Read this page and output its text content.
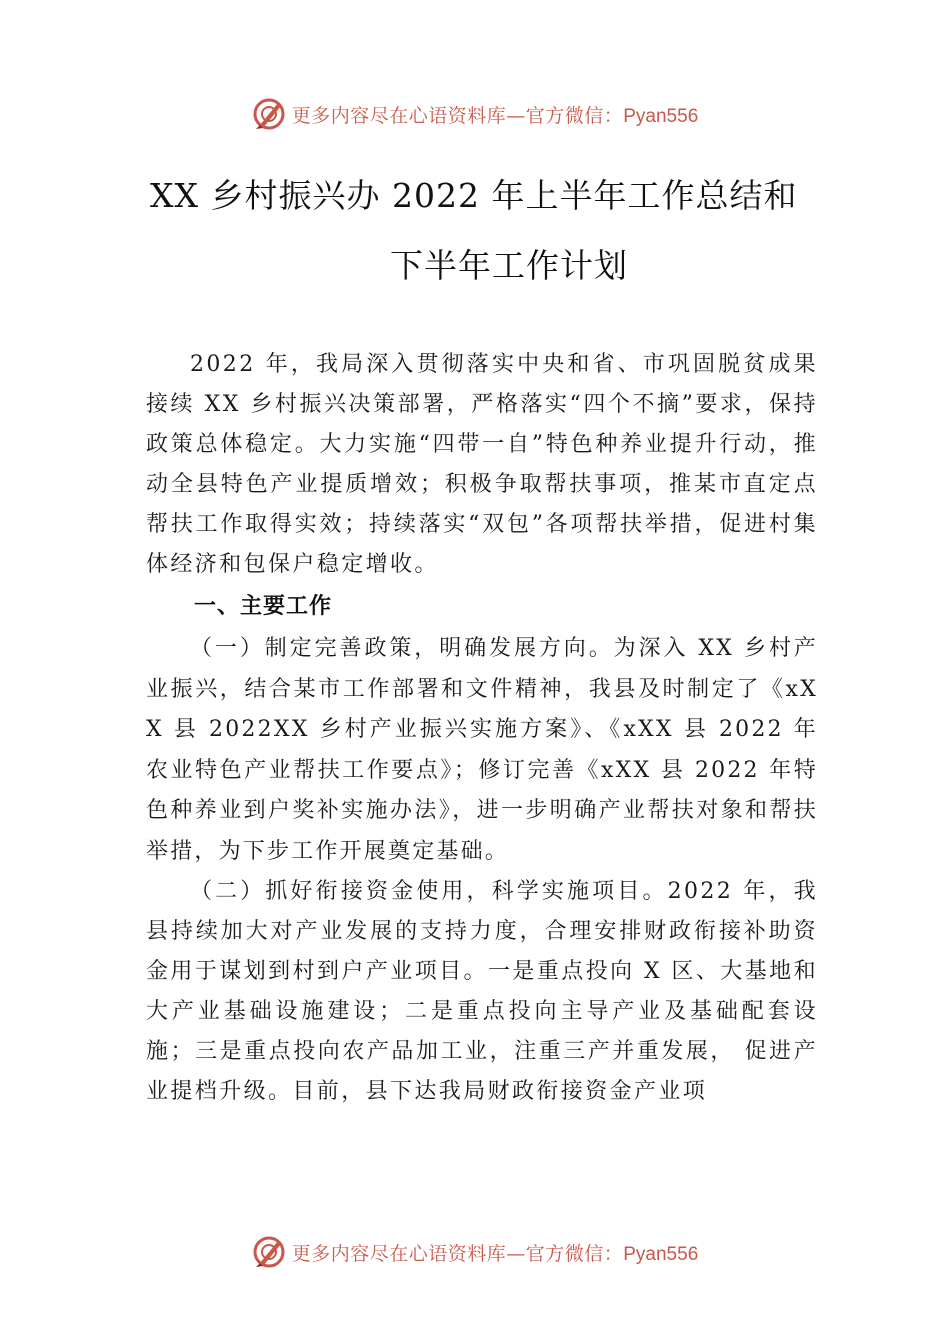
更多内容尽在心语资料库—官方微信：Pyan556
XX 乡村振兴办 2022 年上半年工作总结和
下半年工作计划

2022 年，我局深入贯彻落实中央和省、市巩固脱贫成果接续 XX 乡村振兴决策部署，严格落实“四个不摘”要求，保持政策总体稳定。大力实施“四带一自”特色种养业提升行动，推动全县特色产业提质增效；积极争取帮扶事项，推某市直定点帮扶工作取得实效；持续落实“双包”各项帮扶举措，促进村集体经济和包保户稳定增收。

一、主要工作

（一）制定完善政策，明确发展方向。为深入 XX 乡村产业振兴，结合某市工作部署和文件精神，我县及时制定了《xXX 县 2022XX 乡村产业振兴实施方案》、《xXX 县 2022 年农业特色产业帮扶工作要点》；修订完善《xXX 县 2022 年特色种养业到户奖补实施办法》，进一步明确产业帮扶对象和帮扶举措，为下步工作开展奠定基础。

（二）抓好衔接资金使用，科学实施项目。2022 年，我县持续加大对产业发展的支持力度，合理安排财政衔接补助资金用于谋划到村到户产业项目。一是重点投向 X 区、大基地和大产业基础设施建设；二是重点投向主导产业及基础配套设施；三是重点投向农产品加工业，注重三产并重发展， 促进产业提档升级。目前，县下达我局财政衔接资金产业项

更多内容尽在心语资料库—官方微信：Pyan556
